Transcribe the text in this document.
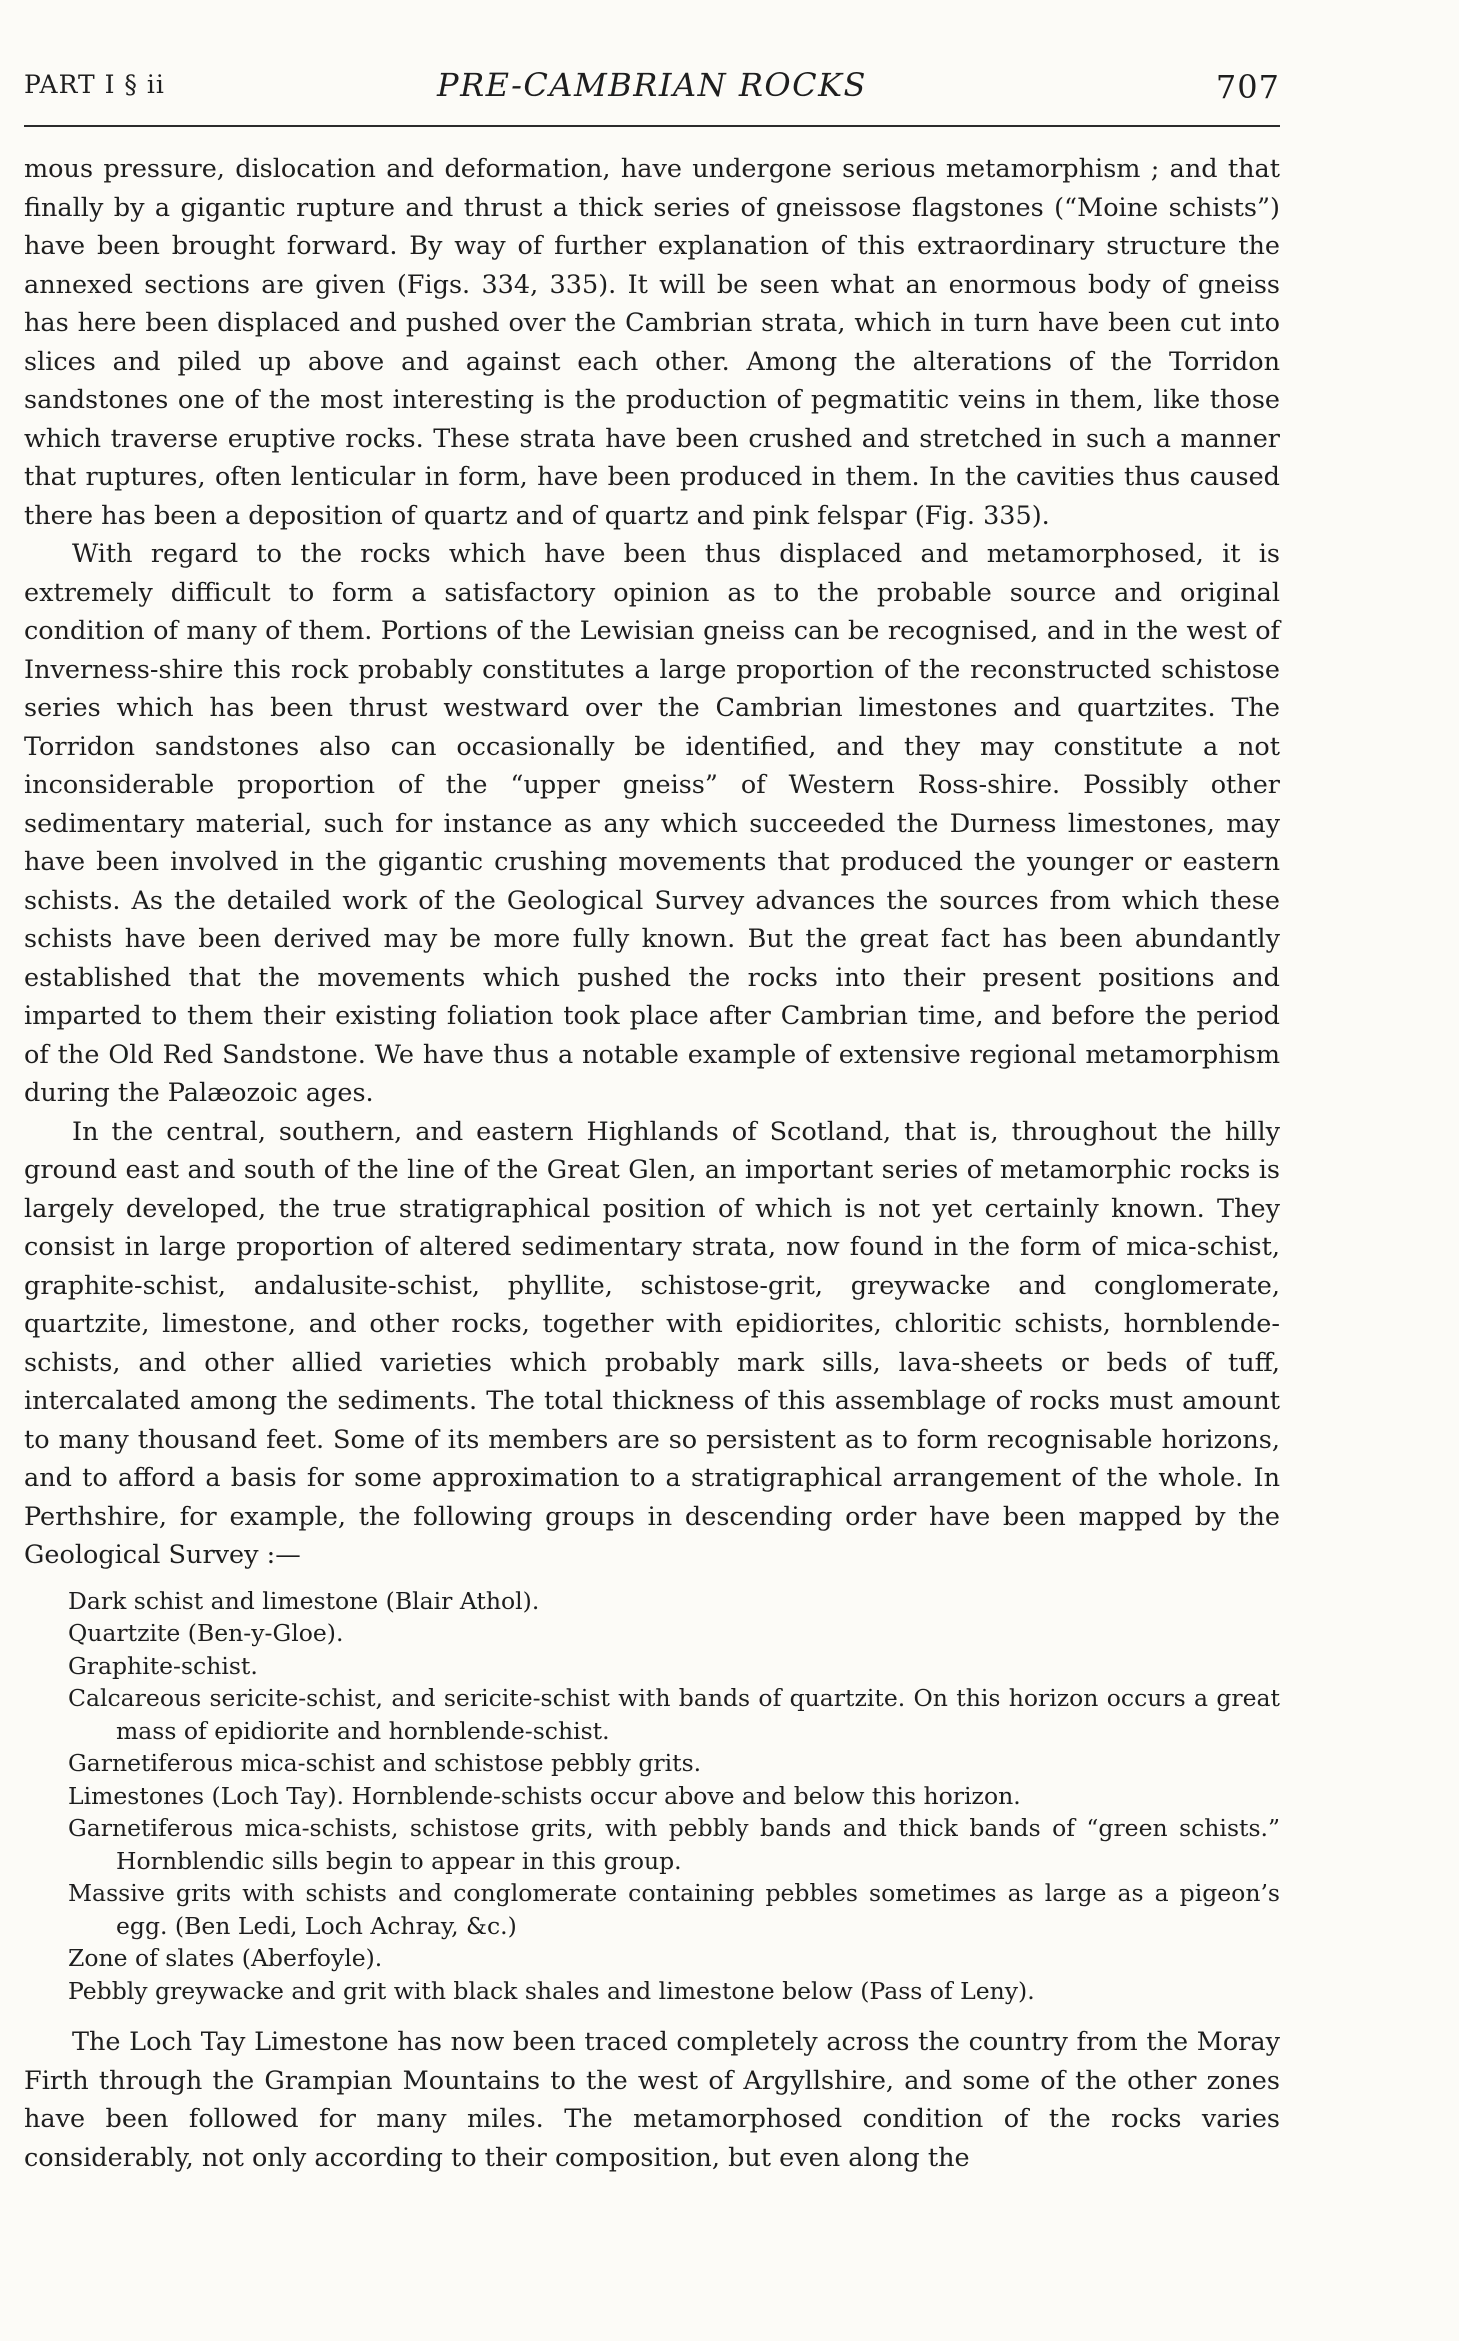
PART I § ii	PRE-CAMBRIAN ROCKS	707

mous pressure, dislocation and deformation, have undergone serious metamorphism ; and that finally by a gigantic rupture and thrust a thick series of gneissose flagstones (“Moine schists”) have been brought forward. By way of further explanation of this extraordinary structure the annexed sections are given (Figs. 334, 335). It will be seen what an enormous body of gneiss has here been displaced and pushed over the Cambrian strata, which in turn have been cut into slices and piled up above and against each other. Among the alterations of the Torridon sandstones one of the most interesting is the production of pegmatitic veins in them, like those which traverse eruptive rocks. These strata have been crushed and stretched in such a manner that ruptures, often lenticular in form, have been produced in them. In the cavities thus caused there has been a deposition of quartz and of quartz and pink felspar (Fig. 335).

With regard to the rocks which have been thus displaced and metamorphosed, it is extremely difficult to form a satisfactory opinion as to the probable source and original condition of many of them. Portions of the Lewisian gneiss can be recognised, and in the west of Inverness-shire this rock probably constitutes a large proportion of the reconstructed schistose series which has been thrust westward over the Cambrian limestones and quartzites. The Torridon sandstones also can occasionally be identified, and they may constitute a not inconsiderable proportion of the “upper gneiss” of Western Ross-shire. Possibly other sedimentary material, such for instance as any which succeeded the Durness limestones, may have been involved in the gigantic crushing movements that produced the younger or eastern schists. As the detailed work of the Geological Survey advances the sources from which these schists have been derived may be more fully known. But the great fact has been abundantly established that the movements which pushed the rocks into their present positions and imparted to them their existing foliation took place after Cambrian time, and before the period of the Old Red Sandstone. We have thus a notable example of extensive regional metamorphism during the Palæozoic ages.

In the central, southern, and eastern Highlands of Scotland, that is, throughout the hilly ground east and south of the line of the Great Glen, an important series of metamorphic rocks is largely developed, the true stratigraphical position of which is not yet certainly known. They consist in large proportion of altered sedimentary strata, now found in the form of mica-schist, graphite-schist, andalusite-schist, phyllite, schistose-grit, greywacke and conglomerate, quartzite, limestone, and other rocks, together with epidiorites, chloritic schists, hornblende-schists, and other allied varieties which probably mark sills, lava-sheets or beds of tuff, intercalated among the sediments. The total thickness of this assemblage of rocks must amount to many thousand feet. Some of its members are so persistent as to form recognisable horizons, and to afford a basis for some approximation to a stratigraphical arrangement of the whole. In Perthshire, for example, the following groups in descending order have been mapped by the Geological Survey :—

Dark schist and limestone (Blair Athol).
Quartzite (Ben-y-Gloe).
Graphite-schist.
Calcareous sericite-schist, and sericite-schist with bands of quartzite. On this horizon occurs a great mass of epidiorite and hornblende-schist.
Garnetiferous mica-schist and schistose pebbly grits.
Limestones (Loch Tay). Hornblende-schists occur above and below this horizon.
Garnetiferous mica-schists, schistose grits, with pebbly bands and thick bands of “green schists.” Hornblendic sills begin to appear in this group.
Massive grits with schists and conglomerate containing pebbles sometimes as large as a pigeon’s egg. (Ben Ledi, Loch Achray, &c.)
Zone of slates (Aberfoyle).
Pebbly greywacke and grit with black shales and limestone below (Pass of Leny).

The Loch Tay Limestone has now been traced completely across the country from the Moray Firth through the Grampian Mountains to the west of Argyllshire, and some of the other zones have been followed for many miles. The metamorphosed condition of the rocks varies considerably, not only according to their composition, but even along the
